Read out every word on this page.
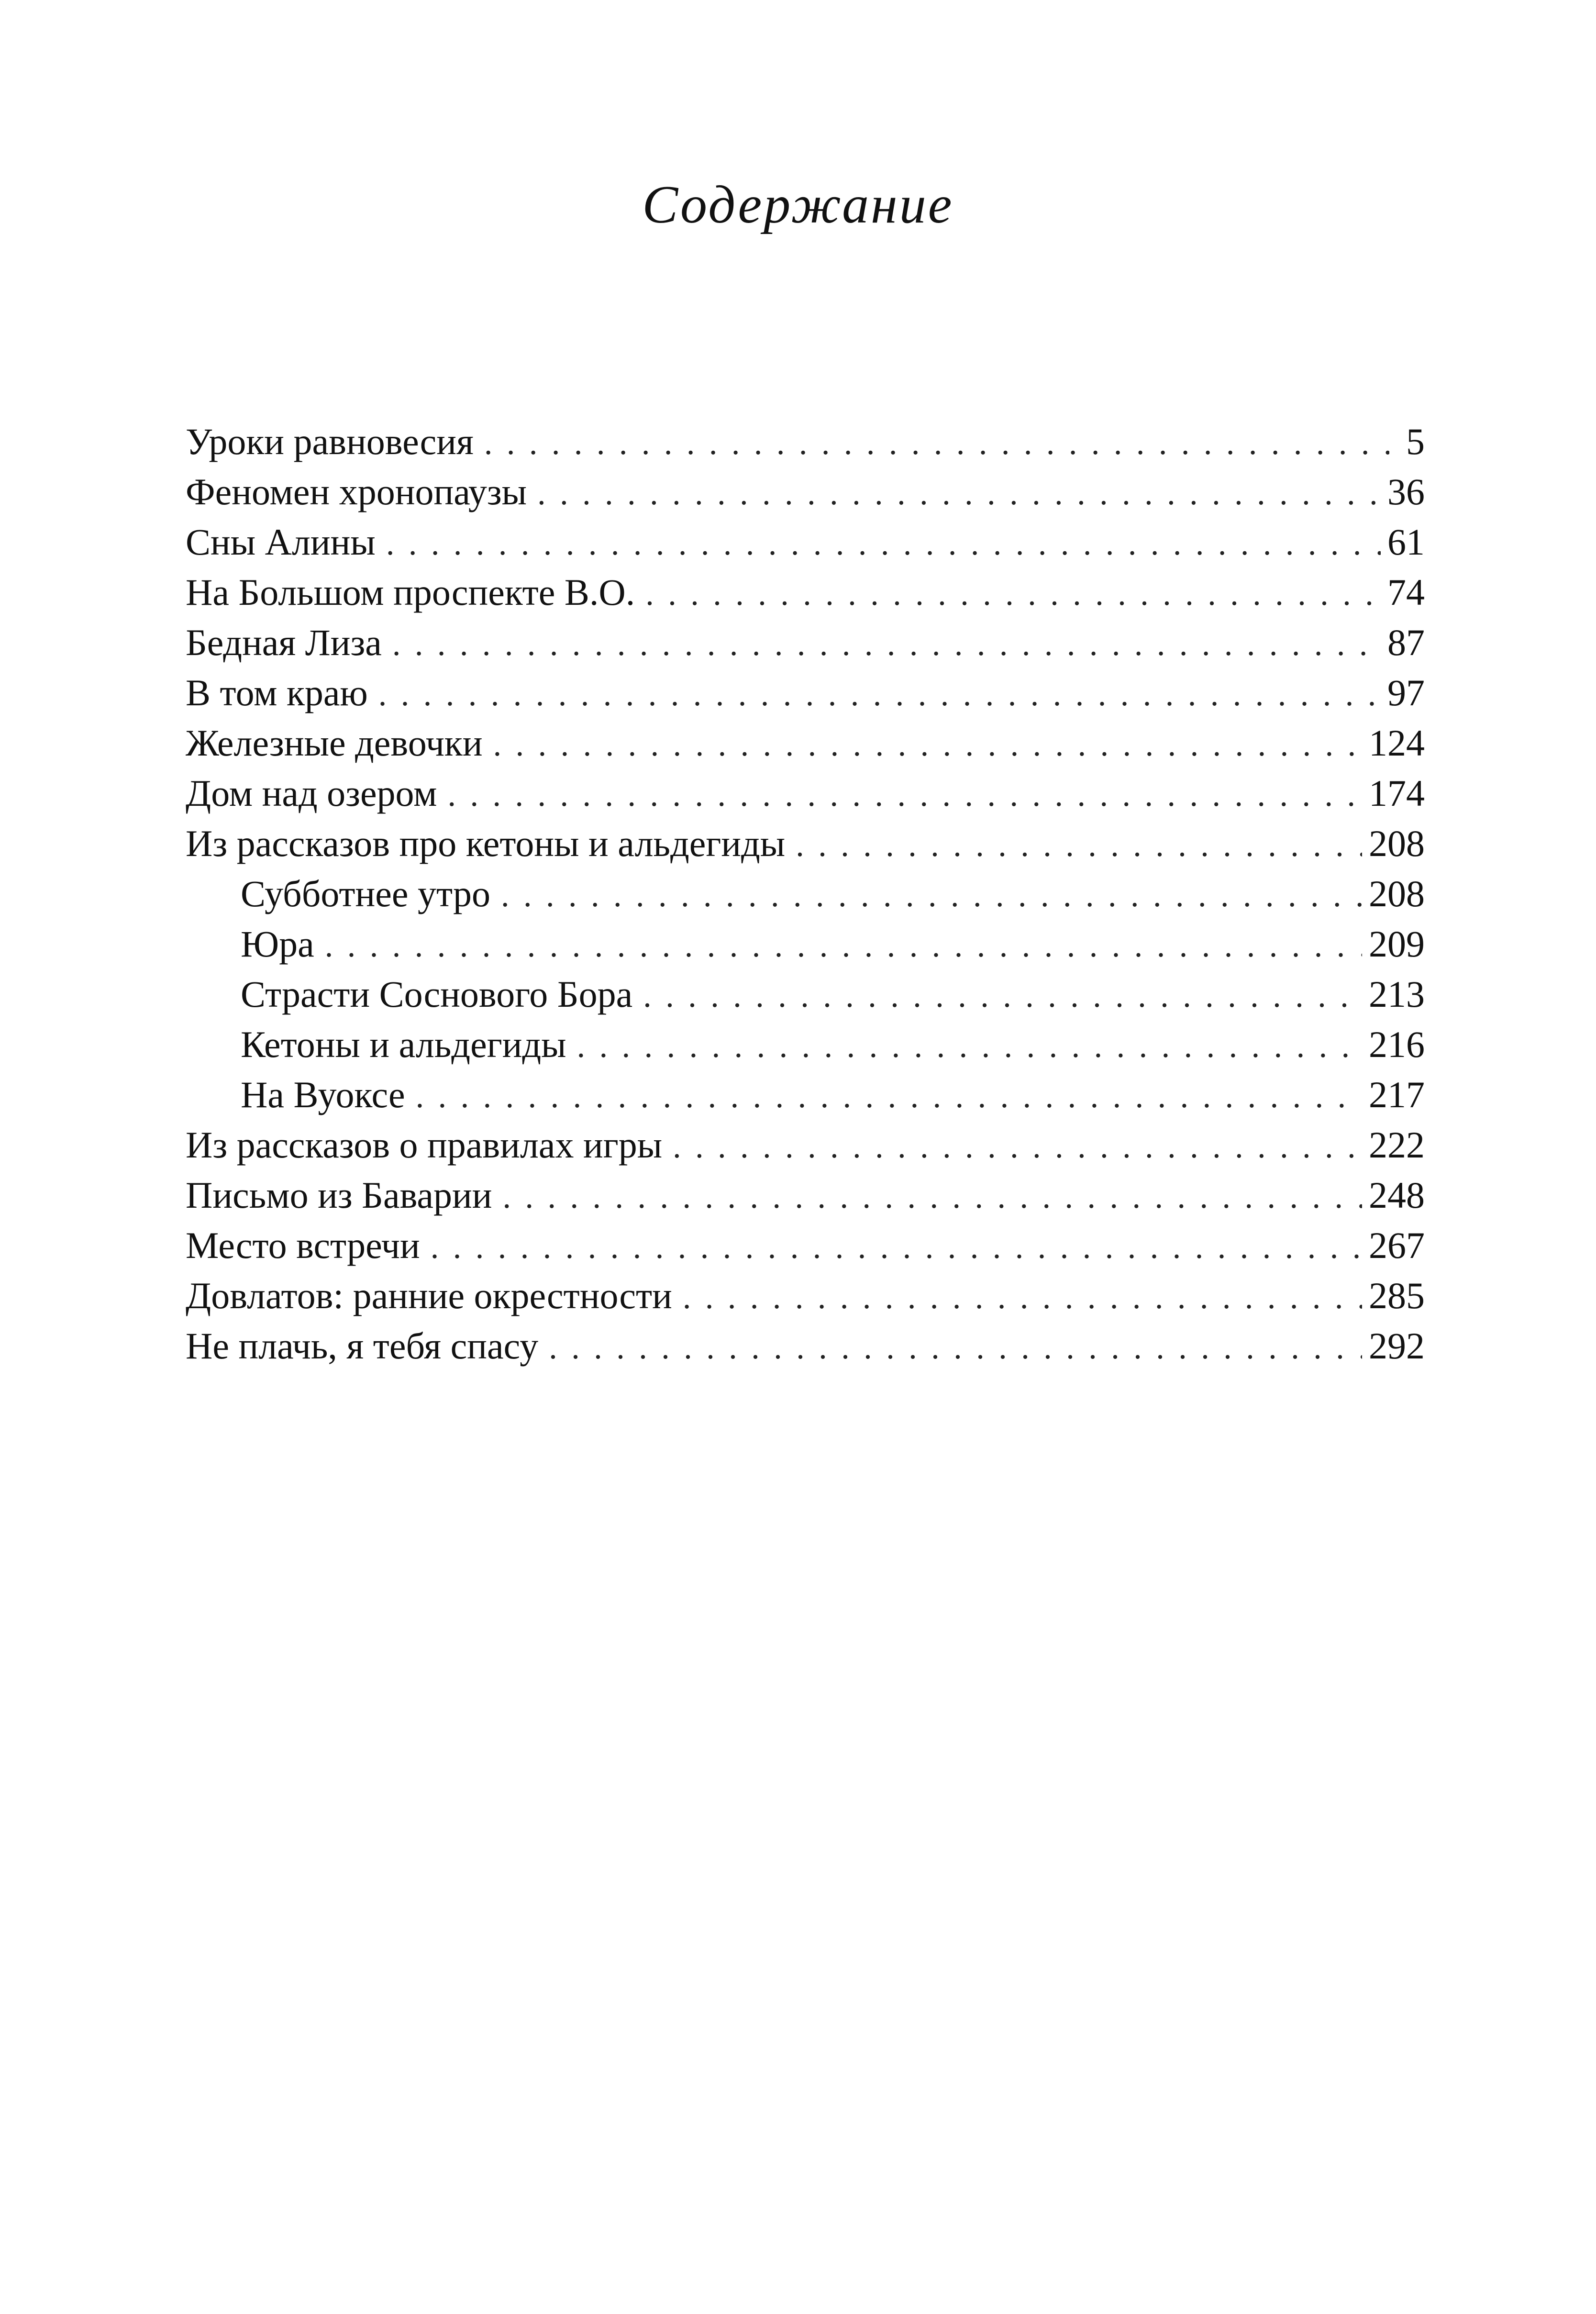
Содержание
Уроки равновесия . . .	5
Феномен хронопаузы . . .	36
Сны Алины . . .	61
На Большом проспекте В.О. . . .	74
Бедная Лиза . . .	87
В том краю . . .	97
Железные девочки . . .	124
Дом над озером . . .	174
Из рассказов про кетоны и альдегиды . . .	208
Субботнее утро . . .	208
Юра . . .	209
Страсти Соснового Бора . . .	213
Кетоны и альдегиды . . .	216
На Вуоксе . . .	217
Из рассказов о правилах игры . . .	222
Письмо из Баварии . . .	248
Место встречи . . .	267
Довлатов: ранние окрестности . . .	285
Не плачь, я тебя спасу . . .	292
